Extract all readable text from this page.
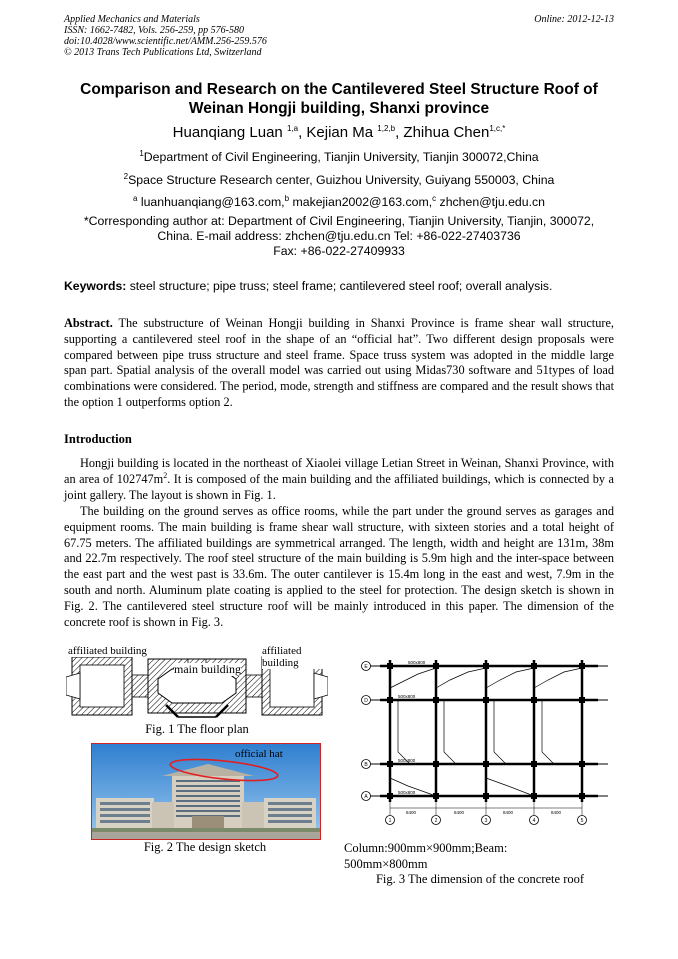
Applied Mechanics and Materials
ISSN: 1662-7482, Vols. 256-259, pp 576-580
doi:10.4028/www.scientific.net/AMM.256-259.576
© 2013 Trans Tech Publications Ltd, Switzerland
Online: 2012-12-13
Comparison and Research on the Cantilevered Steel Structure Roof of
Weinan Hongji building, Shanxi province
Huanqiang Luan $^{1,a}$, Kejian Ma $^{1,2,b}$, Zhihua Chen$^{1,c,*}$
$^1$Department of Civil Engineering, Tianjin University, Tianjin 300072,China
$^2$Space Structure Research center, Guizhou University, Guiyang 550003, China
$^a$ luanhuanqiang@163.com,$^b$ makejian2002@163.com,$^c$ zhchen@tju.edu.cn
*Corresponding author at: Department of Civil Engineering, Tianjin University, Tianjin, 300072,
China. E-mail address: zhchen@tju.edu.cn Tel: +86-022-27403736
Fax: +86-022-27409933
Keywords: steel structure; pipe truss; steel frame; cantilevered steel roof; overall analysis.
Abstract. The substructure of Weinan Hongji building in Shanxi Province is frame shear wall structure, supporting a cantilevered steel roof in the shape of an “official hat”. Two different design proposals were compared between pipe truss structure and steel frame. Space truss system was adopted in the middle large span part. Spatial analysis of the overall model was carried out using Midas730 software and 51types of load combinations were considered. The period, mode, strength and stiffness are compared and the result shows that the option 1 outperforms option 2.
Introduction
Hongji building is located in the northeast of Xiaolei village Letian Street in Weinan, Shanxi Province, with an area of $102747m^2$. It is composed of the main building and the affiliated buildings, which is connected by a joint gallery. The layout is shown in Fig. 1.
The building on the ground serves as office rooms, while the part under the ground serves as garages and equipment rooms. The main building is frame shear wall structure, with sixteen stories and a total height of 67.75 meters. The affiliated buildings are symmetrical arranged. The length, width and height are 131m, 38m and 22.7m respectively. The roof steel structure of the main building is 5.9m high and the inter-space between the east part and the west past is 33.6m. The outer cantilever is 15.4m long in the east and west, 7.9m in the south and north. Aluminum plate coating is applied to the steel for protection. The design sketch is shown in Fig. 2. The cantilevered steel structure roof will be mainly introduced in this paper. The dimension of the concrete roof is shown in Fig. 3.
affiliated building
main building
affiliated building
Fig. 1 The floor plan
official hat
Fig. 2 The design sketch
E
D
B
A
1	2	3	4	5
500x800
500x800
500x800
500x800
8400	8400	8400	8400
Column:900mm×900mm;Beam:
500mm×800mm
Fig. 3 The dimension of the concrete roof
